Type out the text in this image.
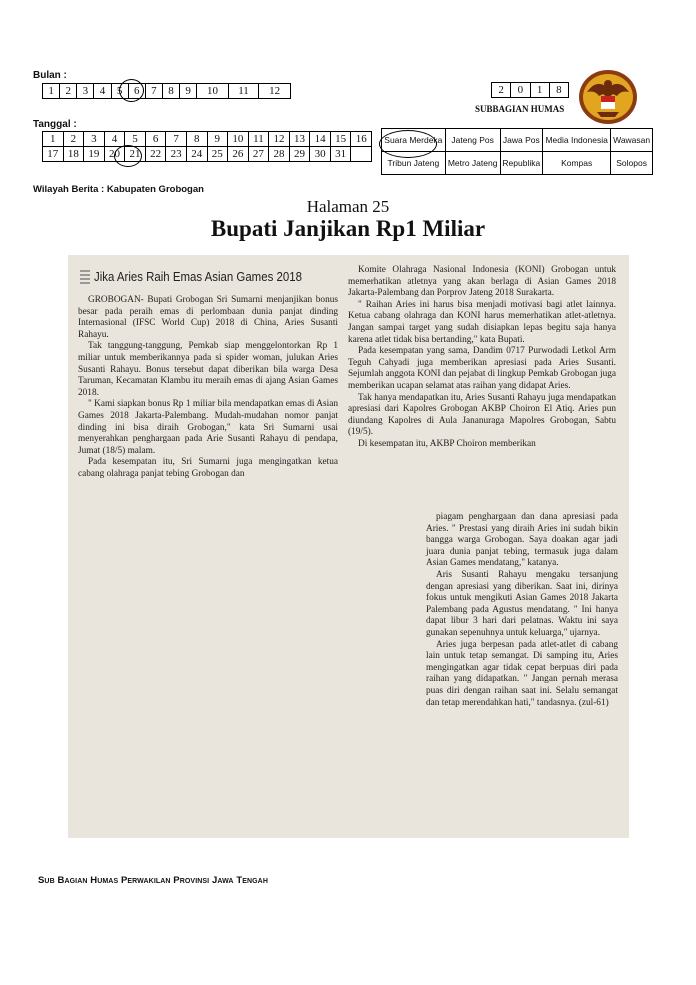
Bulan :
1	2	3	4	5	6	7	8	9	10	11	12
Tanggal :
1	2	3	4	5	6	7	8	9	10	11	12	13	14	15	16
17	18	19	20	21	22	23	24	25	26	27	28	29	30	31	
2	0	1	8
SUBBAGIAN HUMAS
Suara Merdeka	Jateng Pos	Jawa Pos	Media Indonesia	Wawasan
Tribun Jateng	Metro Jateng	Republika	Kompas	Solopos
Wilayah Berita : Kabupaten Grobogan
Halaman 25
Bupati Janjikan Rp1 Miliar
Jika Aries Raih Emas Asian Games 2018

GROBOGAN- Bupati Grobogan Sri Sumarni menjanjikan bonus besar pada peraih emas di perlombaan dunia panjat dinding Internasional (IFSC World Cup) 2018 di China, Aries Susanti Rahayu.

Tak tanggung-tanggung, Pemkab siap menggelontorkan Rp 1 miliar untuk memberikannya pada si spider woman, julukan Aries Susanti Rahayu. Bonus tersebut dapat diberikan bila warga Desa Taruman, Kecamatan Klambu itu meraih emas di ajang Asian Games 2018.

" Kami siapkan bonus Rp 1 miliar bila mendapatkan emas di Asian Games 2018 Jakarta-Palembang. Mudah-mudahan nomor panjat dinding ini bisa diraih Grobogan," kata Sri Sumarni usai menyerahkan penghargaan pada Arie Susanti Rahayu di pendapa, Jumat (18/5) malam.

Pada kesempatan itu, Sri Sumarni juga mengingatkan ketua cabang olahraga panjat tebing Grobogan dan

Komite Olahraga Nasional Indonesia (KONI) Grobogan untuk memerhatikan atletnya yang akan berlaga di Asian Games 2018 Jakarta-Palembang dan Porprov Jateng 2018 Surakarta.

" Raihan Aries ini harus bisa menjadi motivasi bagi atlet lainnya. Ketua cabang olahraga dan KONI harus memerhatikan atlet-atletnya. Jangan sampai target yang sudah disiapkan lepas begitu saja hanya karena atlet tidak bisa bertanding," kata Bupati.

Pada kesempatan yang sama, Dandim 0717 Purwodadi Letkol Arm Teguh Cahyadi juga memberikan apresiasi pada Aries Susanti. Sejumlah anggota KONI dan pejabat di lingkup Pemkab Grobogan juga memberikan ucapan selamat atas raihan yang didapat Aries.

Tak hanya mendapatkan itu, Aries Susanti Rahayu juga mendapatkan apresiasi dari Kapolres Grobogan AKBP Choiron El Atiq. Aries pun diundang Kapolres di Aula Jananuraga Mapolres Grobogan, Sabtu (19/5).

Di kesempatan itu, AKBP Choiron memberikan

piagam penghargaan dan dana apresiasi pada Aries. " Prestasi yang diraih Aries ini sudah bikin bangga warga Grobogan. Saya doakan agar jadi juara dunia panjat tebing, termasuk juga dalam Asian Games mendatang," katanya.

Aris Susanti Rahayu mengaku tersanjung dengan apresiasi yang diberikan. Saat ini, dirinya fokus untuk mengikuti Asian Games 2018 Jakarta Palembang pada Agustus mendatang. " Ini hanya dapat libur 3 hari dari pelatnas. Waktu ini saya gunakan sepenuhnya untuk keluarga," ujarnya.

Aries juga berpesan pada atlet-atlet di cabang lain untuk tetap semangat. Di samping itu, Aries mengingatkan agar tidak cepat berpuas diri pada raihan yang didapatkan. " Jangan pernah merasa puas diri dengan raihan saat ini. Selalu semangat dan tetap merendahkan hati," tandasnya. (zul-61)

Sub Bagian Humas Perwakilan Provinsi Jawa Tengah
